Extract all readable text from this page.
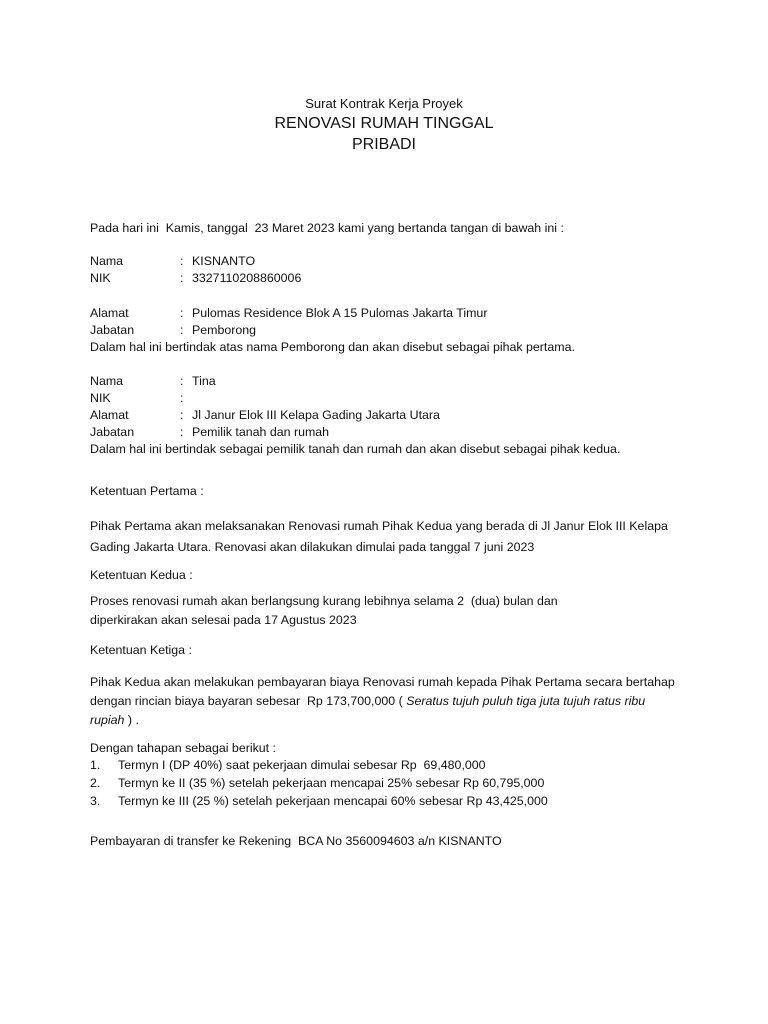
Surat Kontrak Kerja Proyek
RENOVASI RUMAH TINGGAL
PRIBADI
Pada hari ini  Kamis, tanggal  23 Maret 2023 kami yang bertanda tangan di bawah ini :
Nama	: KISNANTO
NIK	: 3327110208860006
Alamat	: Pulomas Residence Blok A 15 Pulomas Jakarta Timur
Jabatan	: Pemborong
Dalam hal ini bertindak atas nama Pemborong dan akan disebut sebagai pihak pertama.
Nama	: Tina
NIK	:
Alamat	: Jl Janur Elok III Kelapa Gading Jakarta Utara
Jabatan	: Pemilik tanah dan rumah
Dalam hal ini bertindak sebagai pemilik tanah dan rumah dan akan disebut sebagai pihak kedua.
Ketentuan Pertama :
Pihak Pertama akan melaksanakan Renovasi rumah Pihak Kedua yang berada di Jl Janur Elok III Kelapa
Gading Jakarta Utara. Renovasi akan dilakukan dimulai pada tanggal 7 juni 2023
Ketentuan Kedua :
Proses renovasi rumah akan berlangsung kurang lebihnya selama 2  (dua) bulan dan
diperkirakan akan selesai pada 17 Agustus 2023
Ketentuan Ketiga :
Pihak Kedua akan melakukan pembayaran biaya Renovasi rumah kepada Pihak Pertama secara bertahap
dengan rincian biaya bayaran sebesar  Rp 173,700,000 ( Seratus tujuh puluh tiga juta tujuh ratus ribu
rupiah ) .
Dengan tahapan sebagai berikut :
1.	Termyn I (DP 40%) saat pekerjaan dimulai sebesar Rp  69,480,000
2.	Termyn ke II (35 %) setelah pekerjaan mencapai 25% sebesar Rp 60,795,000
3.	Termyn ke III (25 %) setelah pekerjaan mencapai 60% sebesar Rp 43,425,000
Pembayaran di transfer ke Rekening  BCA No 3560094603 a/n KISNANTO
